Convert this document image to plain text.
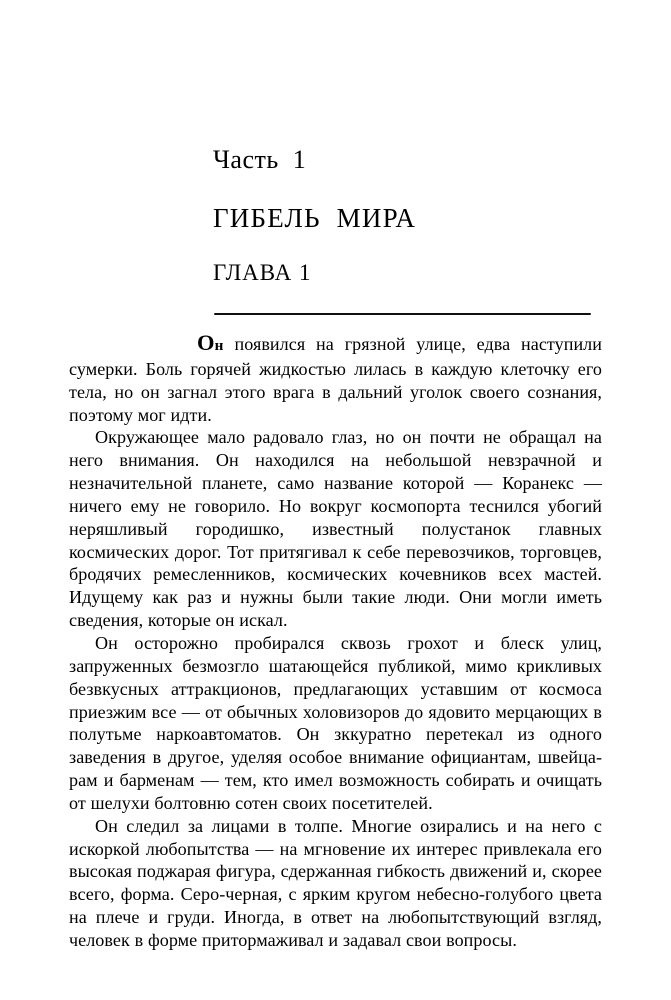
Часть  1
ГИБЕЛЬ  МИРА
ГЛАВА 1

Он появился на грязной улице, едва наступили сумерки. Боль горячей жидкостью лилась в каждую клеточку его тела, но он загнал этого врага в дальний уголок своего сознания, поэтому мог идти.

Окружающее мало радовало глаз, но он почти не обращал на него внимания. Он находился на небольшой невзрачной и незначительной планете, само название которой — Коранекс — ничего ему не говорило. Но вокруг космопорта теснился убогий неряшливый городишко, известный полустанок главных космических дорог. Тот притягивал к себе перевозчиков, торговцев, бродячих ремесленников, космических кочевников всех мастей. Идущему как раз и нужны были такие люди. Они могли иметь сведения, которые он искал.

Он осторожно пробирался сквозь грохот и блеск улиц, запруженных безмозгло шатающейся публикой, мимо крикливых безвкусных аттракционов, предлагающих уставшим от космоса приезжим все — от обычных холовизоров до ядовито мерцающих в полутьме наркоавтоматов. Он зккуратно перетекал из одного заведения в другое, уделяя особое внимание официантам, швейцарам и барменам — тем, кто имел возможность собирать и очищать от шелухи болтовню сотен своих посетителей.

Он следил за лицами в толпе. Многие озирались и на него с искоркой любопытства — на мгновение их интерес привлекала его высокая поджарая фигура, сдержанная гибкость движений и, скорее всего, форма. Серо-черная, с ярким кругом небесно-голубого цвета на плече и груди. Иногда, в ответ на любопытствующий взгляд, человек в форме притормаживал и задавал свои вопросы.
